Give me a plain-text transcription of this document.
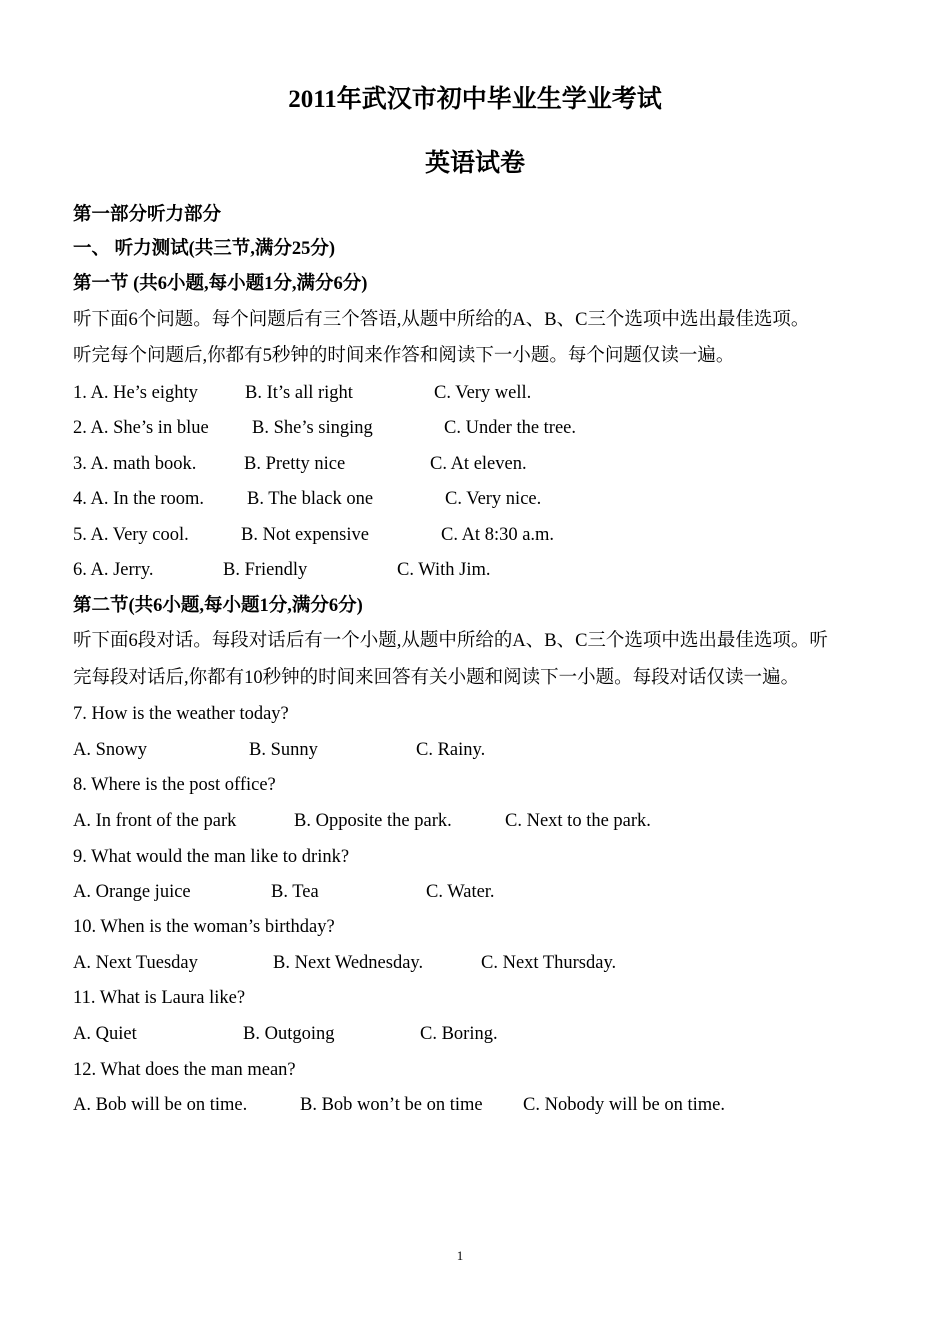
2011年武汉市初中毕业生学业考试
英语试卷
第一部分听力部分
一、 听力测试(共三节,满分25分)
第一节 (共6小题,每小题1分,满分6分)
听下面6个问题。每个问题后有三个答语,从题中所给的A、B、C三个选项中选出最佳选项。
听完每个问题后,你都有5秒钟的时间来作答和阅读下一小题。每个问题仅读一遍。
1. A. He’s eighty	B. It’s all right	C. Very well.
2. A. She’s in blue B. She’s singing	C. Under the tree.
3. A. math book.	B. Pretty nice	C. At eleven.
4. A. In the room. B. The black one	C. Very nice.
5. A. Very cool.	B. Not expensive	C. At 8:30 a.m.
6. A. Jerry.	B. Friendly	C. With Jim.
第二节(共6小题,每小题1分,满分6分)
听下面6段对话。每段对话后有一个小题,从题中所给的A、B、C三个选项中选出最佳选项。听
完每段对话后,你都有10秒钟的时间来回答有关小题和阅读下一小题。每段对话仅读一遍。
7. How is the weather today?
A. Snowy	B. Sunny	C. Rainy.
8. Where is the post office?
A. In front of the park	B. Opposite the park.	C. Next to the park.
9. What would the man like to drink?
A. Orange juice	B. Tea	C. Water.
10. When is the woman’s birthday?
A. Next Tuesday	B. Next Wednesday.	C. Next Thursday.
11. What is Laura like?
A. Quiet	B. Outgoing	C. Boring.
12. What does the man mean?
A. Bob will be on time.	B. Bob won’t be on time C. Nobody will be on time.
1
